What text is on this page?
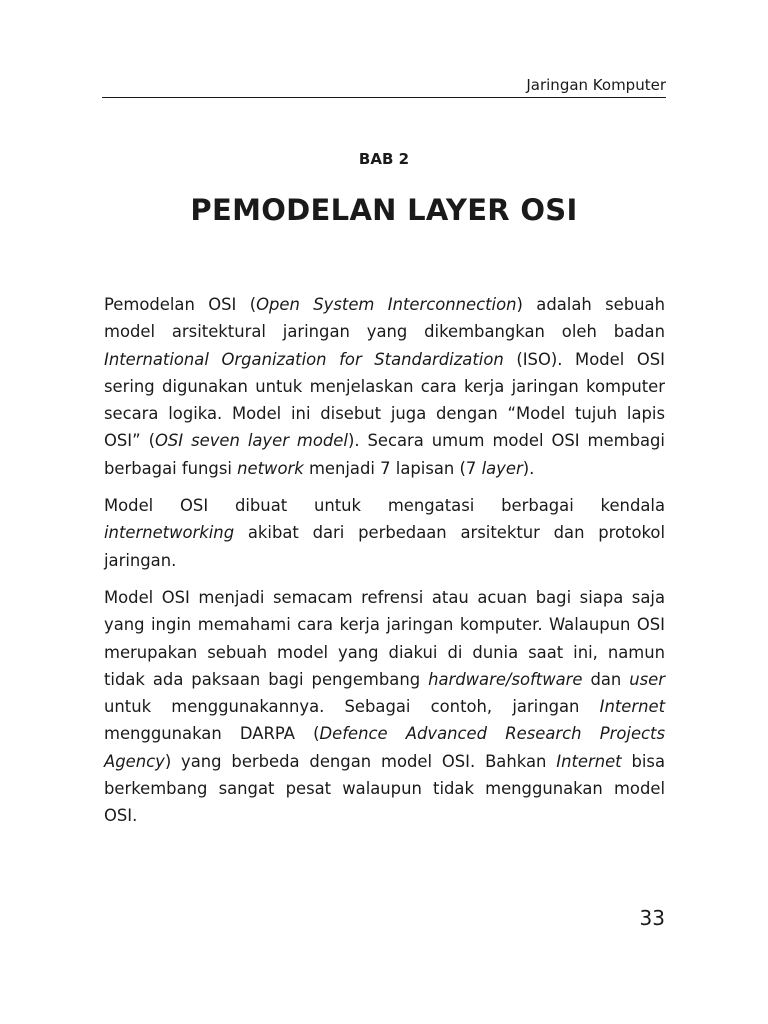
Jaringan Komputer
BAB 2
PEMODELAN LAYER OSI

Pemodelan OSI (Open System Interconnection) adalah sebuah model arsitektural jaringan yang dikembangkan oleh badan International Organization for Standardization (ISO). Model OSI sering digunakan untuk menjelaskan cara kerja jaringan komputer secara logika. Model ini disebut juga dengan “Model tujuh lapis OSI” (OSI seven layer model). Secara umum model OSI membagi berbagai fungsi network menjadi 7 lapisan (7 layer).

Model OSI dibuat untuk mengatasi berbagai kendala internetworking akibat dari perbedaan arsitektur dan protokol jaringan.

Model OSI menjadi semacam refrensi atau acuan bagi siapa saja yang ingin memahami cara kerja jaringan komputer. Walaupun OSI merupakan sebuah model yang diakui di dunia saat ini, namun tidak ada paksaan bagi pengembang hardware/software dan user untuk menggunakannya. Sebagai contoh, jaringan Internet menggunakan DARPA (Defence Advanced Research Projects Agency) yang berbeda dengan model OSI. Bahkan Internet bisa berkembang sangat pesat walaupun tidak menggunakan model OSI.

33
